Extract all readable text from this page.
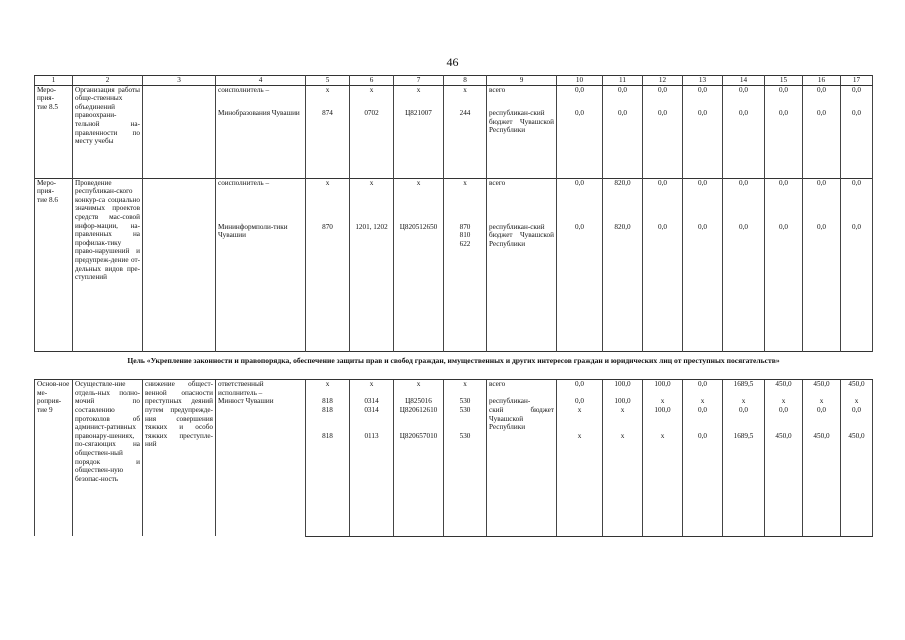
46
1	2	3	4	5	6	7	8	9	10	11	12	13	14	15	16	17
Меро-
прия-
тие 8.5	Организация работы обще-ственных объединений правоохрани-тельной на-правленности по месту учебы		соисполнитель –	х	х	х	х	всего	0,0	0,0	0,0	0,0	0,0	0,0	0,0	0,0
			Минобразования Чувашии	874	0702	Ц821007	244	республикан-ский бюджет Чувашской Республики	0,0	0,0	0,0	0,0	0,0	0,0	0,0	0,0
Меро-
прия-
тие 8.6	Проведение республикан-ского конкур-са социально значимых проектов средств мас-совой инфор-мации, на-правленных на профилак-тику право-нарушений и предупреж-дение от-дельных видов пре-ступлений		соисполнитель –	х	х	х	х	всего	0,0	820,0	0,0	0,0	0,0	0,0	0,0	0,0
			Мининформполи-тики Чувашии	870	1201, 1202	Ц820512650	870
810
622	республикан-ский бюджет Чувашской Республики	0,0	820,0	0,0	0,0	0,0	0,0	0,0	0,0
Цель «Укрепление законности и правопорядка, обеспечение защиты прав и свобод граждан, имущественных и других интересов граждан и юридических лиц от преступных посягательств»																
Основ-ное ме-роприя-тие 9	Осуществле-ние отдель-ных полно-мочий по составлению протоколов об админист-ративных правонару-шениях, по-сягающих на обществен-ный порядок и обществен-ную безопас-ность	снижение общест-венной опасности преступных деяний путем предупрежде-ния совершения тяжких и особо тяжких преступле-ний	ответственный исполнитель –	х	х	х	х	всего	0,0	100,0	100,0	0,0	1689,5	450,0	450,0	450,0
			Минюст Чувашии	818	0314	Ц825016	530	республикан-	0,0	100,0	х	х	х	х	х	х
				818	0314	Ц820612610	530	ский бюджет Чувашской Республики	х	х	100,0	0,0	0,0	0,0	0,0	0,0
				818	0113	Ц820657010	530		х	х	х	0,0	1689,5	450,0	450,0	450,0
